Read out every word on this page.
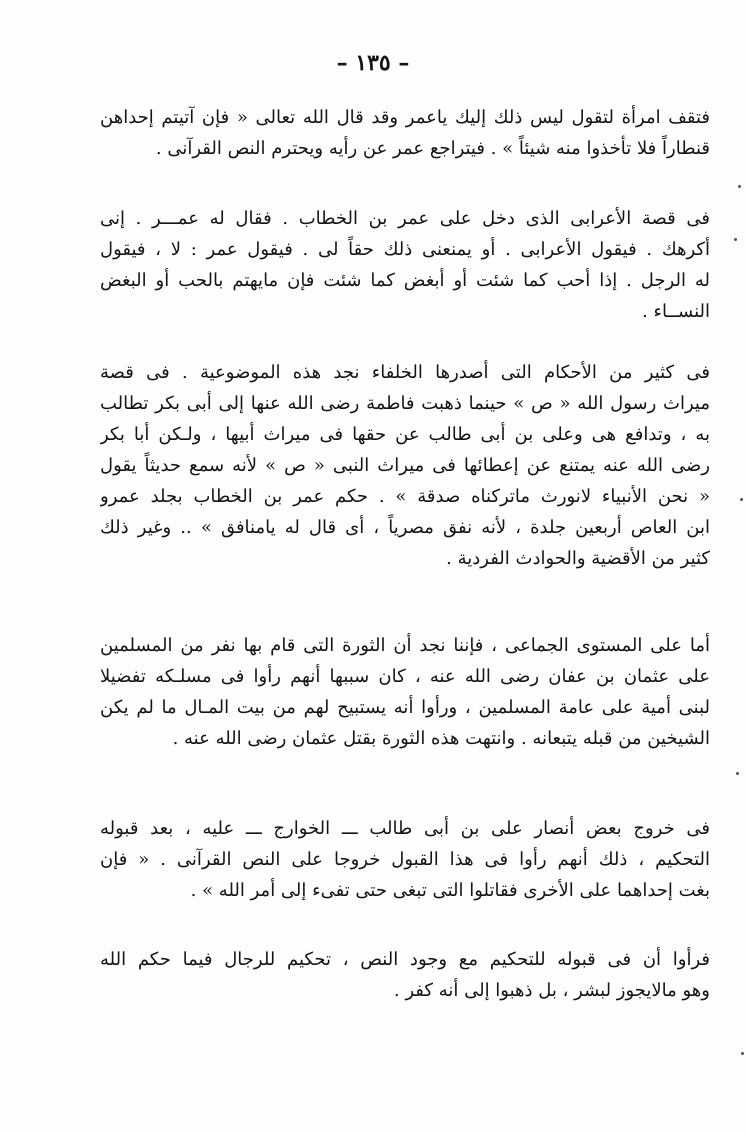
– ١٣٥ –

فتقف امرأة لتقول ليس ذلك إليك ياعمر وقد قال الله تعالى « فإن آتيتم إحداهن
قنطاراً فلا تأخذوا منه شيئاً » . فيتراجع عمر عن رأيه ويحترم النص القرآنى .

فى قصة الأعرابى الذى دخل على عمر بن الخطاب . فقال له عمـــر . إنى
أكرهك . فيقول الأعرابى . أو يمنعنى ذلك حقاً لى . فيقول عمر : لا ، فيقول
له الرجل . إذا أحب كما شئت أو أبغض كما شئت فإن مايهتم بالحب أو البغض
النســاء .

فى كثير من الأحكام التى أصدرها الخلفاء نجد هذه الموضوعية . فى قصة
ميراث رسول الله « ص » حينما ذهبت فاطمة رضى الله عنها إلى أبى بكر تطالب
به ، وتدافع هى وعلى بن أبى طالب عن حقها فى ميراث أبيها ، ولـكن أبا بكر
رضى الله عنه يمتنع عن إعطائها فى ميراث النبى « ص » لأنه سمع حديثاً يقول
« نحن الأنبياء لانورث ماتركناه صدقة » . حكم عمر بن الخطاب بجلد عمرو
ابن العاص أربعين جلدة ، لأنه نفق مصرياً ، أى قال له يامنافق » .. وغير ذلك
كثير من الأقضية والحوادث الفردية .

أما على المستوى الجماعى ، فإننا نجد أن الثورة التى قام بها نفر من المسلمين
على عثمان بن عفان رضى الله عنه ، كان سببها أنهم رأوا فى مسلـكه تفضيلا
لبنى أمية على عامة المسلمين ، ورأوا أنه يستبيح لهم من بيت المـال ما لم يكن
الشيخين من قبله يتبعانه . وانتهت هذه الثورة بقتل عثمان رضى الله عنه .

فى خروج بعض أنصار على بن أبى طالب ـــ الخوارج ـــ عليه ، بعد قبوله
التحكيم ، ذلك أنهم رأوا فى هذا القبول خروجا على النص القرآنى . « فإن
بغت إحداهما على الأخرى فقاتلوا التى تبغى حتى تفىء إلى أمر الله » .

فرأوا أن فى قبوله للتحكيم مع وجود النص ، تحكيم للرجال فيما حكم الله
وهو مالايجوز لبشر ، بل ذهبوا إلى أنه كفر .
